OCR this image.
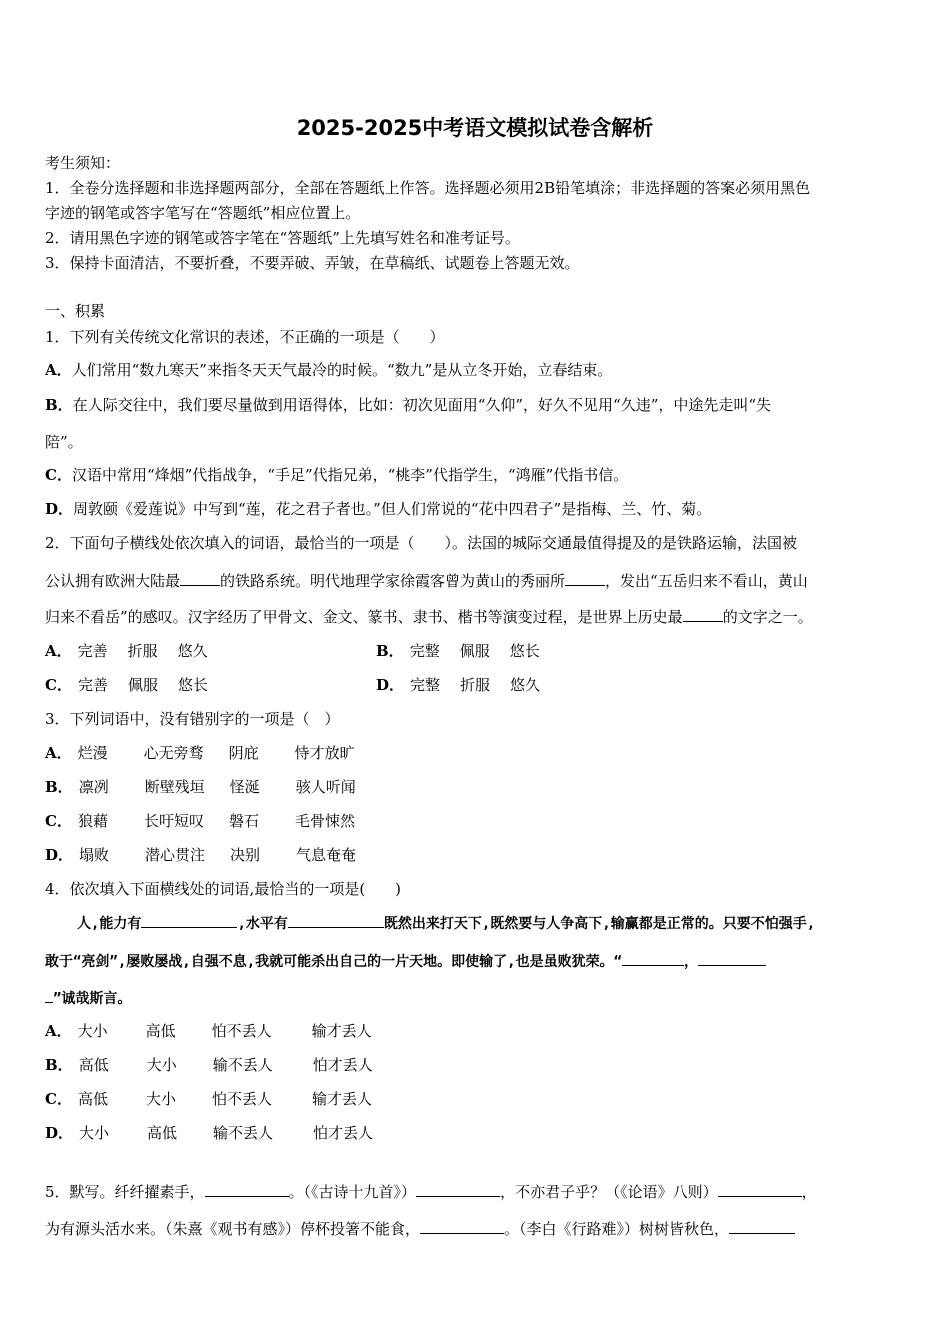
2025-2025中考语文模拟试卷含解析
考生须知：
1．全卷分选择题和非选择题两部分，全部在答题纸上作答。选择题必须用2B铅笔填涂；非选择题的答案必须用黑色
字迹的钢笔或答字笔写在“答题纸”相应位置上。
2．请用黑色字迹的钢笔或答字笔在“答题纸”上先填写姓名和准考证号。
3．保持卡面清洁，不要折叠，不要弄破、弄皱，在草稿纸、试题卷上答题无效。
一、积累
1．下列有关传统文化常识的表述，不正确的一项是（　　）
A．人们常用“数九寒天”来指冬天天气最冷的时候。“数九”是从立冬开始，立春结束。
B．在人际交往中，我们要尽量做到用语得体，比如：初次见面用“久仰”，好久不见用“久违”，中途先走叫“失
陪”。
C．汉语中常用“烽烟”代指战争，“手足”代指兄弟，“桃李”代指学生，“鸿雁”代指书信。
D．周敦颐《爱莲说》中写到“莲，花之君子者也。”但人们常说的“花中四君子”是指梅、兰、竹、菊。
2．下面句子横线处依次填入的词语，最恰当的一项是（　　）。法国的城际交通最值得提及的是铁路运输，法国被
公认拥有欧洲大陆最	的铁路系统。明代地理学家徐霞客曾为黄山的秀丽所	，发出“五岳归来不看山，黄山
归来不看岳”的感叹。汉字经历了甲骨文、金文、篆书、隶书、楷书等演变过程，是世界上历史最	的文字之一。
A． 完善 折服 悠久	B． 完整 佩服 悠长
C． 完善 佩服 悠长	D． 完整 折服 悠久
3．下列词语中，没有错别字的一项是（　）
A． 烂漫 心无旁骛 阴庇 恃才放旷
B． 凛冽 断壁残垣 怪涎 骇人听闻
C． 狼藉 长吁短叹 磐石 毛骨悚然
D． 塌败 潜心贯注 决别 气息奄奄
4．依次填入下面横线处的词语,最恰当的一项是(　　)
人,能力有	,水平有	既然出来打天下,既然要与人争高下,输赢都是正常的。只要不怕强手,
敢于“亮剑”,屡败屡战,自强不息,我就可能杀出自己的一片天地。即使输了,也是虽败犹荣。“	，
”诚哉斯言。
A． 大小	高低 怕不丢人	输才丢人
B． 高低	大小 输不丢人	怕才丢人
C． 高低	大小 怕不丢人	输才丢人
D． 大小	高低 输不丢人	怕才丢人
5．默写。纤纤擢素手，	。（《古诗十九首》）	，不亦君子乎？（《论语》八则）	，
为有源头活水来。（朱熹《观书有感》）停杯投箸不能食，	。（李白《行路难》）树树皆秋色，
